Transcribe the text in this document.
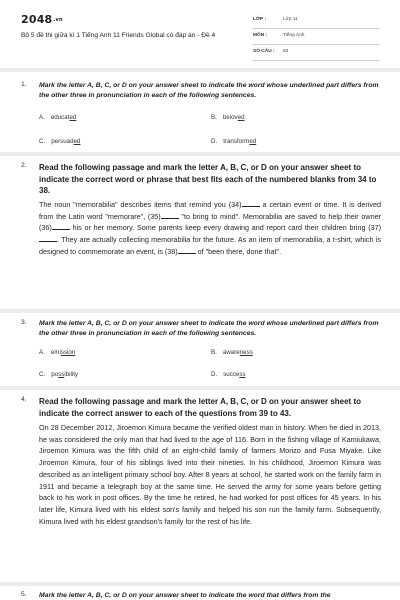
2048.vn
Bộ 5 đề thi giữa kì 1 Tiếng Anh 11 Friends Global có đáp án - Đề 4
LỚP :	Lớp 11
MÔN :	Tiếng Anh
SỐ CÂU : 53
1. Mark the letter A, B, C, or D on your answer sheet to indicate the word whose underlined part differs from the other three in pronunciation in each of the following sentences.
A. educated	B. beloved
C. persuaded	D. transformed
2. Read the following passage and mark the letter A, B, C, or D on your answer sheet to indicate the correct word or phrase that best fits each of the numbered blanks from 34 to 38.
The noun "memorabilia" describes items that remind you (34)	a certain event or time. It is derived from the Latin word "memorare", (35)	"to bring to mind". Memorabilia are saved to help their owner (36)	his or her memory. Some parents keep every drawing and report card their children bring (37). They are actually collecting memorabilia for the future. As an item of memorabilia, a t-shirt, which is designed to commemorate an event, is (38)	of "been there, done that".
3. Mark the letter A, B, C, or D on your answer sheet to indicate the word whose underlined part differs from the other three in pronunciation in each of the following sentences.
A. emission	B. awareness
C. possibility	D. success
4. Read the following passage and mark the letter A, B, C, or D on your answer sheet to indicate the correct answer to each of the questions from 39 to 43.
On 28 December 2012, Jiroemon Kimura became the verified oldest man in history. When he died in 2013, he was considered the only man that had lived to the age of 116. Born in the fishing village of Kamiukawa, Jiroemon Kimura was the fifth child of an eight-child family of farmers Morizo and Fusa Miyake. Like Jiroemon Kimura, four of his siblings lived into their nineties. In his childhood, Jiroemon Kimura was described as an intelligent primary school boy. After 8 years at school, he started work on the family farm in 1911 and became a telegraph boy at the same time. He served the army for some years before getting back to his work in post offices. By the time he retired, he had worked for post offices for 45 years. In his later life, Kimura lived with his eldest son's family and helped his son run the family farm. Subsequently, Kimura lived with his eldest grandson's family for the rest of his life.
5. Mark the letter A, B, C, or D on your answer sheet to indicate the word that differs from the
